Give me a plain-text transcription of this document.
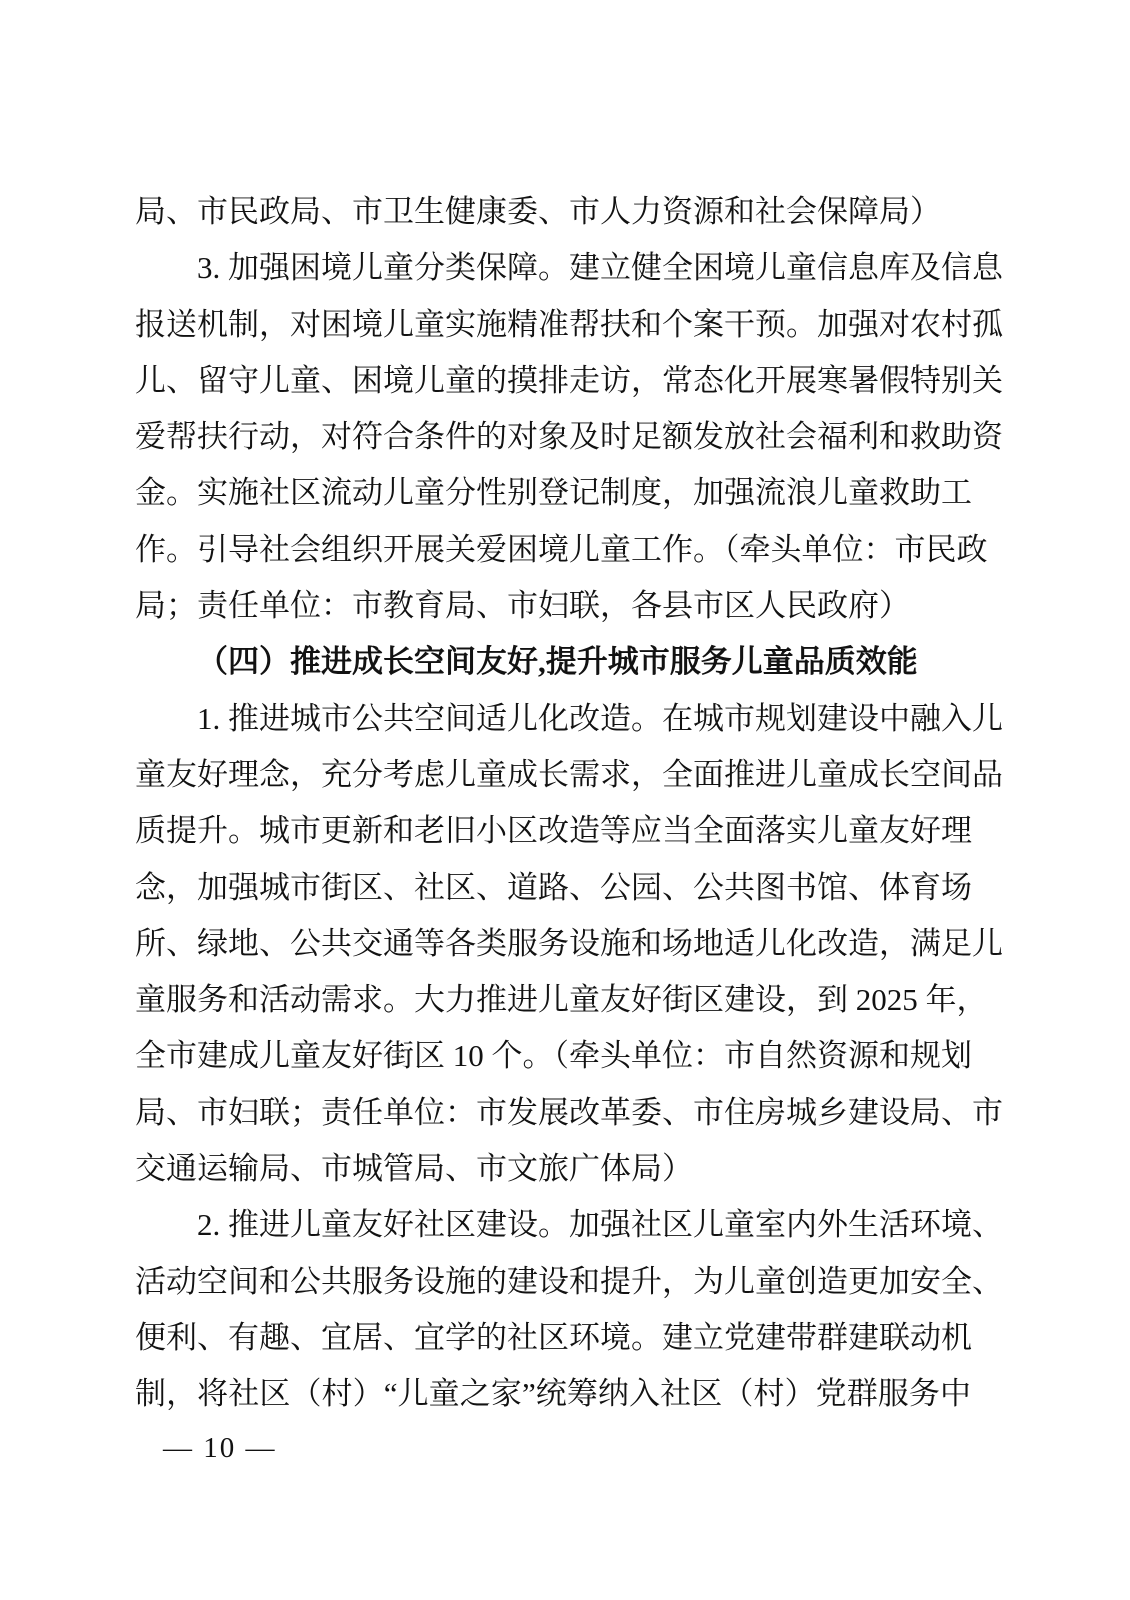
局、市民政局、市卫生健康委、市人力资源和社会保障局）
3. 加强困境儿童分类保障。建立健全困境儿童信息库及信息
报送机制，对困境儿童实施精准帮扶和个案干预。加强对农村孤
儿、留守儿童、困境儿童的摸排走访，常态化开展寒暑假特别关
爱帮扶行动，对符合条件的对象及时足额发放社会福利和救助资
金。实施社区流动儿童分性别登记制度，加强流浪儿童救助工
作。引导社会组织开展关爱困境儿童工作。（牵头单位：市民政
局；责任单位：市教育局、市妇联，各县市区人民政府）
（四）推进成长空间友好,提升城市服务儿童品质效能
1. 推进城市公共空间适儿化改造。在城市规划建设中融入儿
童友好理念，充分考虑儿童成长需求，全面推进儿童成长空间品
质提升。城市更新和老旧小区改造等应当全面落实儿童友好理
念，加强城市街区、社区、道路、公园、公共图书馆、体育场
所、绿地、公共交通等各类服务设施和场地适儿化改造，满足儿
童服务和活动需求。大力推进儿童友好街区建设，到 2025 年，
全市建成儿童友好街区 10 个。（牵头单位：市自然资源和规划
局、市妇联；责任单位：市发展改革委、市住房城乡建设局、市
交通运输局、市城管局、市文旅广体局）
2. 推进儿童友好社区建设。加强社区儿童室内外生活环境、
活动空间和公共服务设施的建设和提升，为儿童创造更加安全、
便利、有趣、宜居、宜学的社区环境。建立党建带群建联动机
制，将社区（村）“儿童之家”统筹纳入社区（村）党群服务中
— 10 —
